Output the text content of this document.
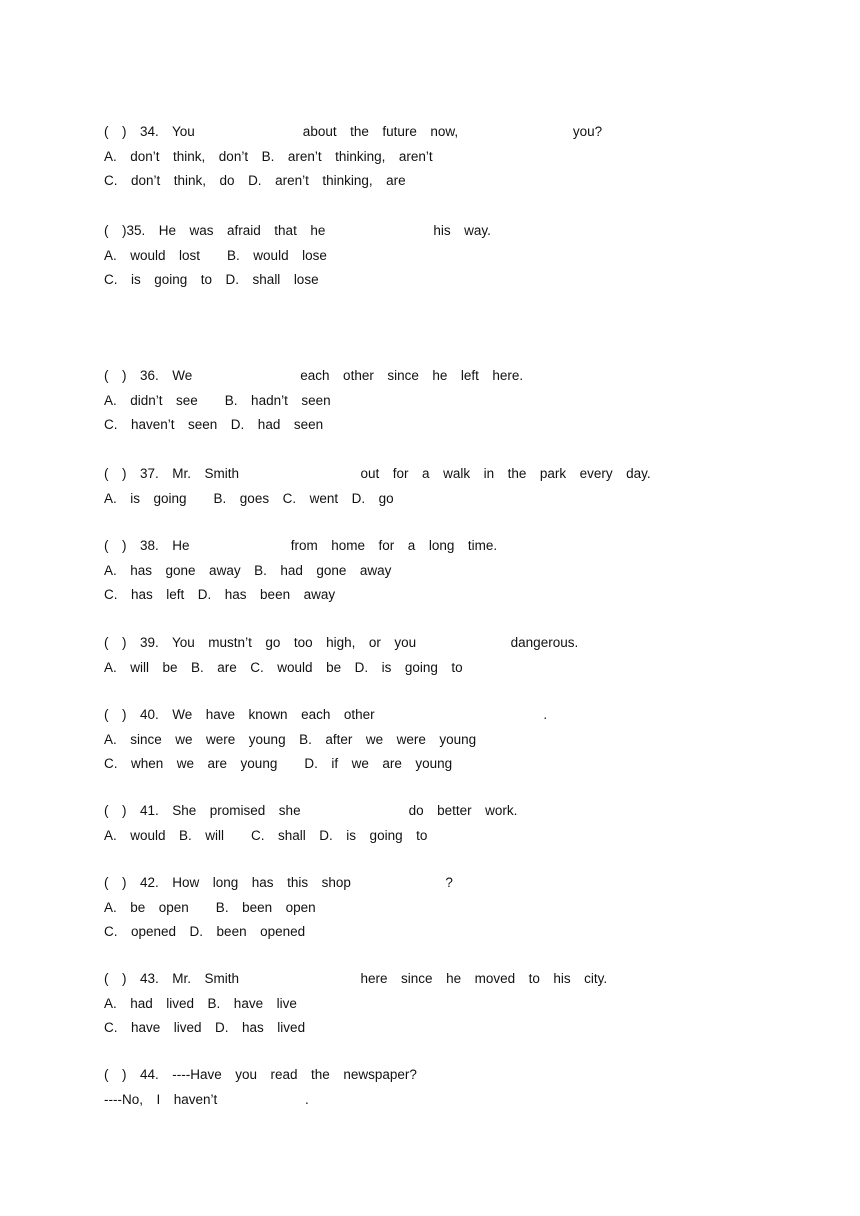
(  )  34.  You                about  the  future  now,                 you?
A.  don’t  think,  don’t  B.  aren’t  thinking,  aren’t
C.  don’t  think,  do  D.  aren’t  thinking,  are
(  )35.  He  was  afraid  that  he                his  way.
A.  would  lost    B.  would  lose
C.  is  going  to  D.  shall  lose
(  )  36.  We                each  other  since  he  left  here.
A.  didn’t  see    B.  hadn’t  seen
C.  haven’t  seen  D.  had  seen
(  )  37.  Mr.  Smith                  out  for  a  walk  in  the  park  every  day.
A.  is  going    B.  goes  C.  went  D.  go
(  )  38.  He               from  home  for  a  long  time.
A.  has  gone  away  B.  had  gone  away
C.  has  left  D.  has  been  away
(  )  39.  You  mustn’t  go  too  high,  or  you              dangerous.
A.  will  be  B.  are  C.  would  be  D.  is  going  to
(  )  40.  We  have  known  each  other                         .
A.  since  we  were  young  B.  after  we  were  young
C.  when  we  are  young    D.  if  we  are  young
(  )  41.  She  promised  she                do  better  work.
A.  would  B.  will    C.  shall  D.  is  going  to
(  )  42.  How  long  has  this  shop              ?
A.  be  open    B.  been  open
C.  opened  D.  been  opened
(  )  43.  Mr.  Smith                  here  since  he  moved  to  his  city.
A.  had  lived  B.  have  live
C.  have  lived  D.  has  lived
(  )  44.  ----Have  you  read  the  newspaper?
----No,  I  haven’t             .
